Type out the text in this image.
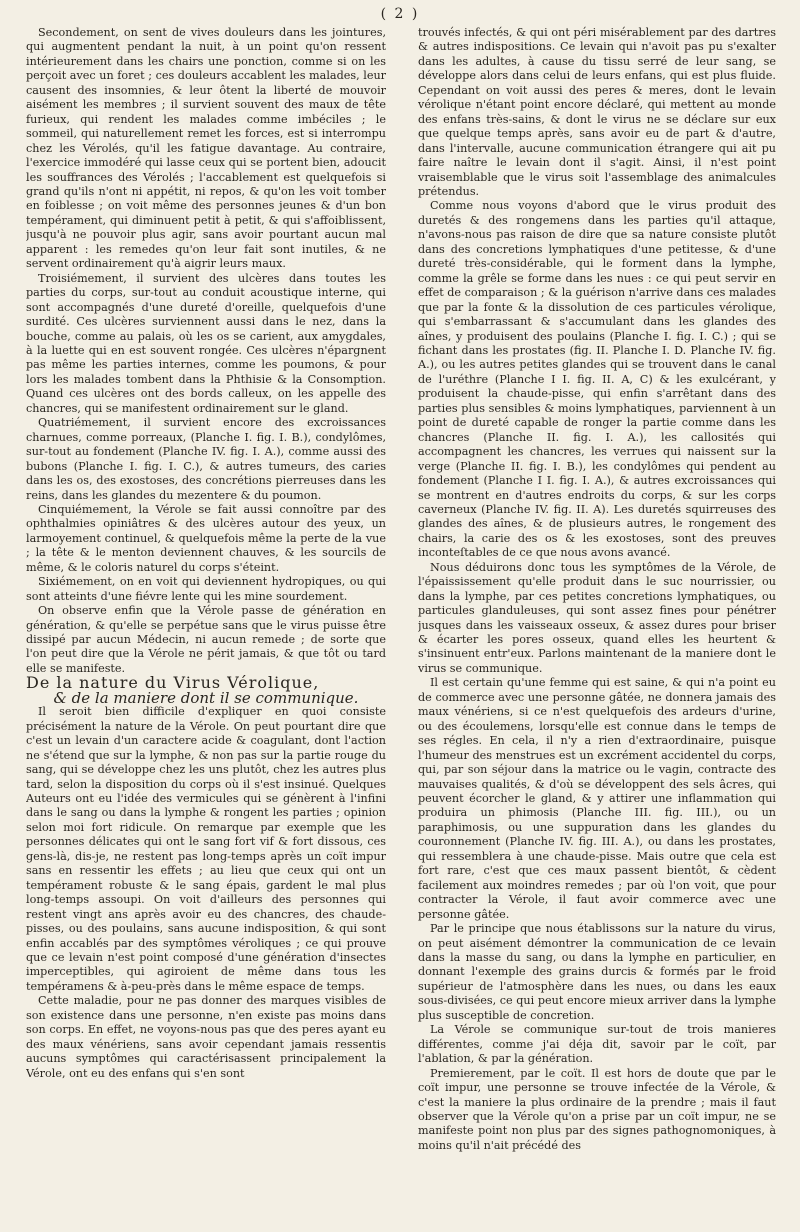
( 2 )

Secondement, on sent de vives douleurs dans les jointures, qui augmentent pendant la nuit, à un point qu'on ressent intérieurement dans les chairs une ponction, comme si on les perçoit avec un foret ; ces douleurs accablent les malades, leur causent des insomnies, & leur ôtent la liberté de mouvoir aisément les membres ; il survient souvent des maux de tête furieux, qui rendent les malades comme imbéciles ; le sommeil, qui naturellement remet les forces, est si interrompu chez les Vérolés, qu'il les fatigue davantage. Au contraire, l'exercice immodéré qui lasse ceux qui se portent bien, adoucit les souffrances des Vérolés ; l'accablement est quelquefois si grand qu'ils n'ont ni appétit, ni repos, & qu'on les voit tomber en foiblesse ; on voit même des personnes jeunes & d'un bon tempérament, qui diminuent petit à petit, & qui s'affoiblissent, jusqu'à ne pouvoir plus agir, sans avoir pourtant aucun mal apparent : les remedes qu'on leur fait sont inutiles, & ne servent ordinairement qu'à aigrir leurs maux.

Troisiémement, il survient des ulcères dans toutes les parties du corps, sur-tout au conduit acoustique interne, qui sont accompagnés d'une dureté d'oreille, quelquefois d'une surdité. Ces ulcères surviennent aussi dans le nez, dans la bouche, comme au palais, où les os se carient, aux amygdales, à la luette qui en est souvent rongée. Ces ulcères n'épargnent pas même les parties internes, comme les poumons, & pour lors les malades tombent dans la Phthisie & la Consomption. Quand ces ulcères ont des bords calleux, on les appelle des chancres, qui se manifestent ordinairement sur le gland.

Quatriémement, il survient encore des excroissances charnues, comme porreaux, (Planche I. fig. I. B.), condylômes, sur-tout au fondement (Planche IV. fig. I. A.), comme aussi des bubons (Planche I. fig. I. C.), & autres tumeurs, des caries dans les os, des exostoses, des concrétions pierreuses dans les reins, dans les glandes du mezentere & du poumon.

Cinquiémement, la Vérole se fait aussi connoître par des ophthalmies opiniâtres & des ulcères autour des yeux, un larmoyement continuel, & quelquefois même la perte de la vue ; la tête & le menton deviennent chauves, & les sourcils de même, & le coloris naturel du corps s'éteint.

Sixiémement, on en voit qui deviennent hydropiques, ou qui sont atteints d'une fiévre lente qui les mine sourdement.

On observe enfin que la Vérole passe de génération en génération, & qu'elle se perpétue sans que le virus puisse être dissipé par aucun Médecin, ni aucun remede ; de sorte que l'on peut dire que la Vérole ne périt jamais, & que tôt ou tard elle se manifeste.

De la nature du Virus Vérolique,

& de la maniere dont il se communique.

Il seroit bien difficile d'expliquer en quoi consiste précisément la nature de la Vérole. On peut pourtant dire que c'est un levain d'un caractere acide & coagulant, dont l'action ne s'étend que sur la lymphe, & non pas sur la partie rouge du sang, qui se développe chez les uns plutôt, chez les autres plus tard, selon la disposition du corps où il s'est insinué. Quelques Auteurs ont eu l'idée des vermicules qui se génèrent à l'infini dans le sang ou dans la lymphe & rongent les parties ; opinion selon moi fort ridicule. On remarque par exemple que les personnes délicates qui ont le sang fort vif & fort dissous, ces gens-là, dis-je, ne restent pas long-temps après un coït impur sans en ressentir les effets ; au lieu que ceux qui ont un tempérament robuste & le sang épais, gardent le mal plus long-temps assoupi. On voit d'ailleurs des personnes qui restent vingt ans après avoir eu des chancres, des chaude-pisses, ou des poulains, sans aucune indisposition, & qui sont enfin accablés par des symptômes véroliques ; ce qui prouve que ce levain n'est point composé d'une génération d'insectes imperceptibles, qui agiroient de même dans tous les tempéramens & à-peu-près dans le même espace de temps.

Cette maladie, pour ne pas donner des marques visibles de son existence dans une personne, n'en existe pas moins dans son corps. En effet, ne voyons-nous pas que des peres ayant eu des maux vénériens, sans avoir cependant jamais ressentis aucuns symptômes qui caractérisassent principalement la Vérole, ont eu des enfans qui s'en sont

trouvés infectés, & qui ont péri misérablement par des dartres & autres indispositions. Ce levain qui n'avoit pas pu s'exalter dans les adultes, à cause du tissu serré de leur sang, se développe alors dans celui de leurs enfans, qui est plus fluide. Cependant on voit aussi des peres & meres, dont le levain vérolique n'étant point encore déclaré, qui mettent au monde des enfans très-sains, & dont le virus ne se déclare sur eux que quelque temps après, sans avoir eu de part & d'autre, dans l'intervalle, aucune communication étrangere qui ait pu faire naître le levain dont il s'agit. Ainsi, il n'est point vraisemblable que le virus soit l'assemblage des animalcules prétendus.

Comme nous voyons d'abord que le virus produit des duretés & des rongemens dans les parties qu'il attaque, n'avons-nous pas raison de dire que sa nature consiste plutôt dans des concretions lymphatiques d'une petitesse, & d'une dureté très-considérable, qui le forment dans la lymphe, comme la grêle se forme dans les nues : ce qui peut servir en effet de comparaison ; & la guérison n'arrive dans ces malades que par la fonte & la dissolution de ces particules vérolique, qui s'embarrassant & s'accumulant dans les glandes des aînes, y produisent des poulains (Planche I. fig. I. C.) ; qui se fichant dans les prostates (fig. II. Planche I. D. Planche IV. fig. A.), ou les autres petites glandes qui se trouvent dans le canal de l'uréthre (Planche I I. fig. II. A, C) & les exulcérant, y produisent la chaude-pisse, qui enfin s'arrêtant dans des parties plus sensibles & moins lymphatiques, parviennent à un point de dureté capable de ronger la partie comme dans les chancres (Planche II. fig. I. A.), les callosités qui accompagnent les chancres, les verrues qui naissent sur la verge (Planche II. fig. I. B.), les condylômes qui pendent au fondement (Planche I I. fig. I. A.), & autres excroissances qui se montrent en d'autres endroits du corps, & sur les corps caverneux (Planche IV. fig. II. A). Les duretés squirreuses des glandes des aînes, & de plusieurs autres, le rongement des chairs, la carie des os & les exostoses, sont des preuves inconteſtables de ce que nous avons avancé.

Nous déduirons donc tous les symptômes de la Vérole, de l'épaississement qu'elle produit dans le suc nourrissier, ou dans la lymphe, par ces petites concretions lymphatiques, ou particules glanduleuses, qui sont assez fines pour pénétrer jusques dans les vaisseaux osseux, & assez dures pour briser & écarter les pores osseux, quand elles les heurtent & s'insinuent entr'eux. Parlons maintenant de la maniere dont le virus se communique.

Il est certain qu'une femme qui est saine, & qui n'a point eu de commerce avec une personne gâtée, ne donnera jamais des maux vénériens, si ce n'est quelquefois des ardeurs d'urine, ou des écoulemens, lorsqu'elle est connue dans le temps de ses régles. En cela, il n'y a rien d'extraordinaire, puisque l'humeur des menstrues est un excrément accidentel du corps, qui, par son séjour dans la matrice ou le vagin, contracte des mauvaises qualités, & d'où se développent des sels âcres, qui peuvent écorcher le gland, & y attirer une inflammation qui produira un phimosis (Planche III. fig. III.), ou un paraphimosis, ou une suppuration dans les glandes du couronnement (Planche IV. fig. III. A.), ou dans les prostates, qui ressemblera à une chaude-pisse. Mais outre que cela est fort rare, c'est que ces maux passent bientôt, & cèdent facilement aux moindres remedes ; par où l'on voit, que pour contracter la Vérole, il faut avoir commerce avec une personne gâtée.

Par le principe que nous établissons sur la nature du virus, on peut aisément démontrer la communication de ce levain dans la masse du sang, ou dans la lymphe en particulier, en donnant l'exemple des grains durcis & formés par le froid supérieur de l'atmosphère dans les nues, ou dans les eaux sous-divisées, ce qui peut encore mieux arriver dans la lymphe plus susceptible de concretion.

La Vérole se communique sur-tout de trois manieres différentes, comme j'ai déja dit, savoir par le coït, par l'ablation, & par la génération.

Premierement, par le coït. Il est hors de doute que par le coït impur, une personne se trouve infectée de la Vérole, & c'est la maniere la plus ordinaire de la prendre ; mais il faut observer que la Vérole qu'on a prise par un coït impur, ne se manifeste point non plus par des signes pathognomoniques, à moins qu'il n'ait précédé des
